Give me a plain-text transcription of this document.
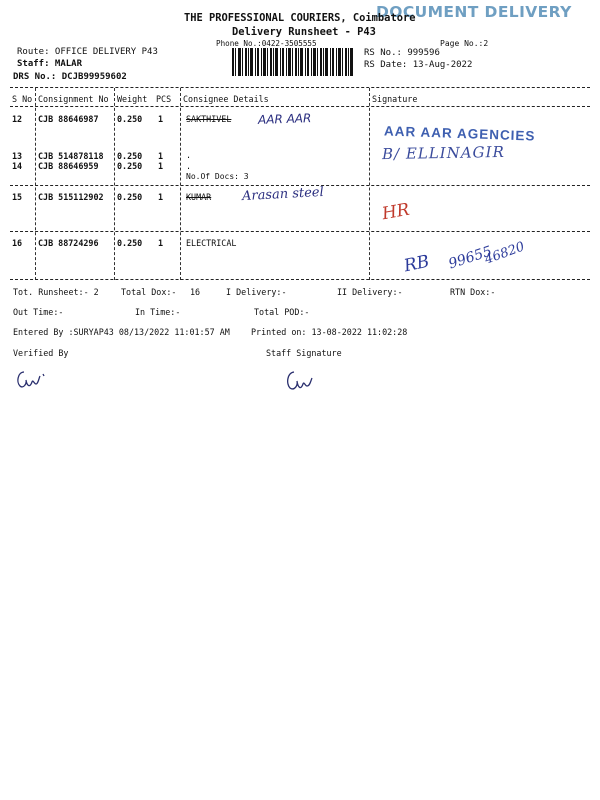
DOCUMENT DELIVERY
THE PROFESSIONAL COURIERS, Coimbatore
Delivery Runsheet - P43
Phone No.:0422-3505555	Page No.:2
Route: OFFICE DELIVERY P43
Staff: MALAR
DRS No.: DCJB99959602
RS No.: 999596
RS Date: 13-Aug-2022
S No Consignment No Weight PCS Consignee Details	Signature
12 CJB 88646987 0.250 1	SAKTHIVEL
13 CJB 514878118 0.250 1	.
14 CJB 88646959 0.250 1	.
No.Of Docs: 3
15 CJB 515112902 0.250 1	KUMAR
16 CJB 88724296 0.250 1	ELECTRICAL
AAR AAR
AAR AAR AGENCIES
B/ ELLINAGIR
Arasan steel
HR
RB 99655
46820
Tot. Runsheet:- 2	Total Dox:- 16	I Delivery:-	II Delivery:-	RTN Dox:-
Out Time:-	In Time:-	Total POD:-
Entered By :SURYAP43 08/13/2022 11:01:57 AM	Printed on: 13-08-2022 11:02:28
Verified By	Staff Signature
